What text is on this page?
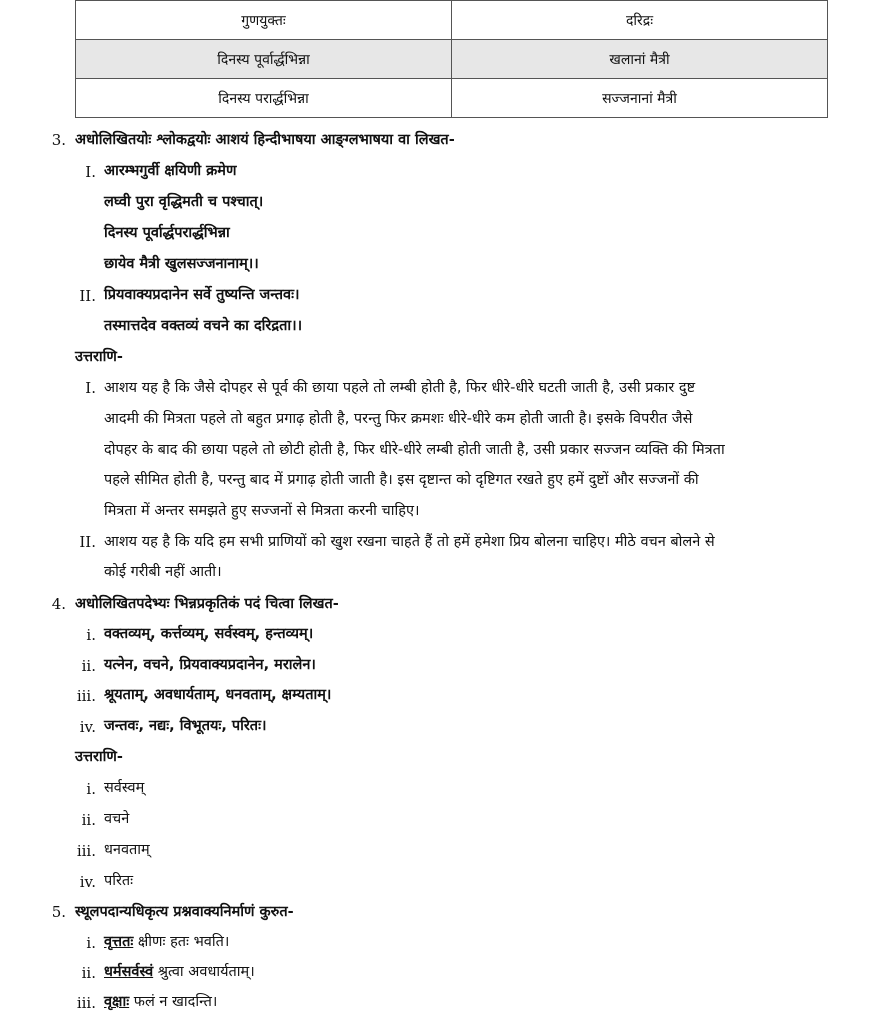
गुणयुक्तः	दरिद्रः
दिनस्य पूर्वार्द्धभिन्ना	खलानां मैत्री
दिनस्य परार्द्धभिन्ना	सज्जनानां मैत्री
3. अधोलिखितयोः श्लोकद्वयोः आशयं हिन्दीभाषया आङ्ग्लभाषया वा लिखत-
I. आरम्भगुर्वी क्षयिणी क्रमेण
लघ्वी पुरा वृद्धिमती च पश्चात्।
दिनस्य पूर्वार्द्धपरार्द्धभिन्ना
छायेव मैत्री खुलसज्जनानाम्।।
II. प्रियवाक्यप्रदानेन सर्वे तुष्यन्ति जन्तवः।
तस्मात्तदेव वक्तव्यं वचने का दरिद्रता।।
उत्तराणि-
I. आशय यह है कि जैसे दोपहर से पूर्व की छाया पहले तो लम्बी होती है, फिर धीरे-धीरे घटती जाती है, उसी प्रकार दुष्ट
आदमी की मित्रता पहले तो बहुत प्रगाढ़ होती है, परन्तु फिर क्रमशः धीरे-धीरे कम होती जाती है। इसके विपरीत जैसे
दोपहर के बाद की छाया पहले तो छोटी होती है, फिर धीरे-धीरे लम्बी होती जाती है, उसी प्रकार सज्जन व्यक्ति की मित्रता
पहले सीमित होती है, परन्तु बाद में प्रगाढ़ होती जाती है। इस दृष्टान्त को दृष्टिगत रखते हुए हमें दुष्टों और सज्जनों की
मित्रता में अन्तर समझते हुए सज्जनों से मित्रता करनी चाहिए।
II. आशय यह है कि यदि हम सभी प्राणियों को खुश रखना चाहते हैं तो हमें हमेशा प्रिय बोलना चाहिए। मीठे वचन बोलने से
कोई गरीबी नहीं आती।
4. अधोलिखितपदेभ्यः भिन्नप्रकृतिकं पदं चित्वा लिखत-
i. वक्तव्यम्, कर्त्तव्यम्, सर्वस्वम्, हन्तव्यम्।
ii. यत्नेन, वचने, प्रियवाक्यप्रदानेन, मरालेन।
iii. श्रूयताम्, अवधार्यताम्, धनवताम्, क्षम्यताम्।
iv. जन्तवः, नद्यः, विभूतयः, परितः।
उत्तराणि-
i. सर्वस्वम्
ii. वचने
iii. धनवताम्
iv. परितः
5. स्थूलपदान्यधिकृत्य प्रश्नवाक्यनिर्माणं कुरुत-
i. वृत्ततः क्षीणः हतः भवति।
ii. धर्मसर्वस्वं श्रुत्वा अवधार्यताम्।
iii. वृक्षाः फलं न खादन्ति।
